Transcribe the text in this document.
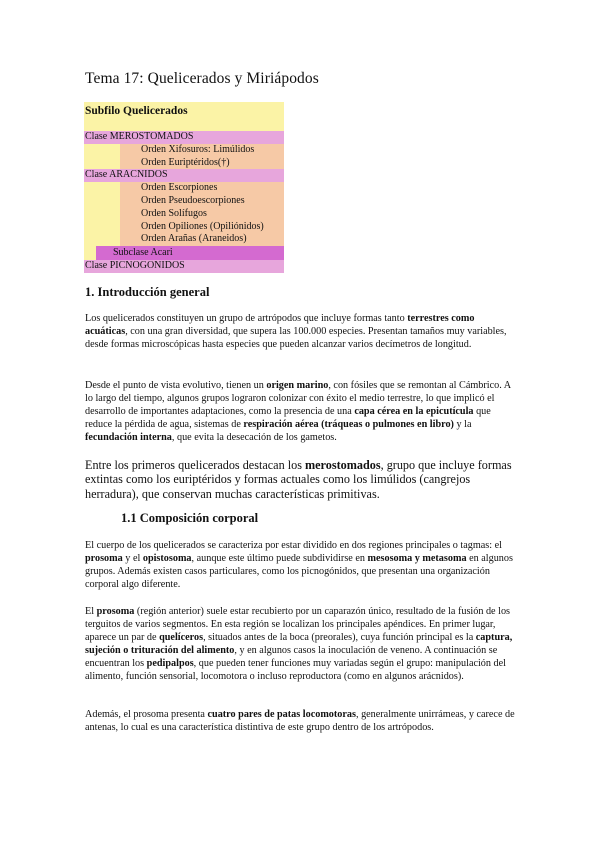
Tema 17: Quelicerados y Miriápodos
Subfilo Quelicerados
Clase MEROSTOMADOS
Orden Xifosuros: Limúlidos
Orden Euriptéridos(†)
Clase ARACNIDOS
Orden Escorpiones
Orden Pseudoescorpiones
Orden Solífugos
Orden Opiliones (Opiliónidos)
Orden Arañas (Araneidos)
Subclase Acari
Clase PICNOGONIDOS
1. Introducción general

Los quelicerados constituyen un grupo de artrópodos que incluye formas tanto terrestres como acuáticas, con una gran diversidad, que supera las 100.000 especies. Presentan tamaños muy variables, desde formas microscópicas hasta especies que pueden alcanzar varios decímetros de longitud.

Desde el punto de vista evolutivo, tienen un origen marino, con fósiles que se remontan al Cámbrico. A lo largo del tiempo, algunos grupos lograron colonizar con éxito el medio terrestre, lo que implicó el desarrollo de importantes adaptaciones, como la presencia de una capa cérea en la epicutícula que reduce la pérdida de agua, sistemas de respiración aérea (tráqueas o pulmones en libro) y la fecundación interna, que evita la desecación de los gametos.

Entre los primeros quelicerados destacan los merostomados, grupo que incluye formas extintas como los euriptéridos y formas actuales como los limúlidos (cangrejos herradura), que conservan muchas características primitivas.

1.1 Composición corporal

El cuerpo de los quelicerados se caracteriza por estar dividido en dos regiones principales o tagmas: el prosoma y el opistosoma, aunque este último puede subdividirse en mesosoma y metasoma en algunos grupos. Además existen casos particulares, como los picnogónidos, que presentan una organización corporal algo diferente.

El prosoma (región anterior) suele estar recubierto por un caparazón único, resultado de la fusión de los terguitos de varios segmentos. En esta región se localizan los principales apéndices. En primer lugar, aparece un par de quelíceros, situados antes de la boca (preorales), cuya función principal es la captura, sujeción o trituración del alimento, y en algunos casos la inoculación de veneno. A continuación se encuentran los pedipalpos, que pueden tener funciones muy variadas según el grupo: manipulación del alimento, función sensorial, locomotora o incluso reproductora (como en algunos arácnidos).

Además, el prosoma presenta cuatro pares de patas locomotoras, generalmente unirrámeas, y carece de antenas, lo cual es una característica distintiva de este grupo dentro de los artrópodos.
